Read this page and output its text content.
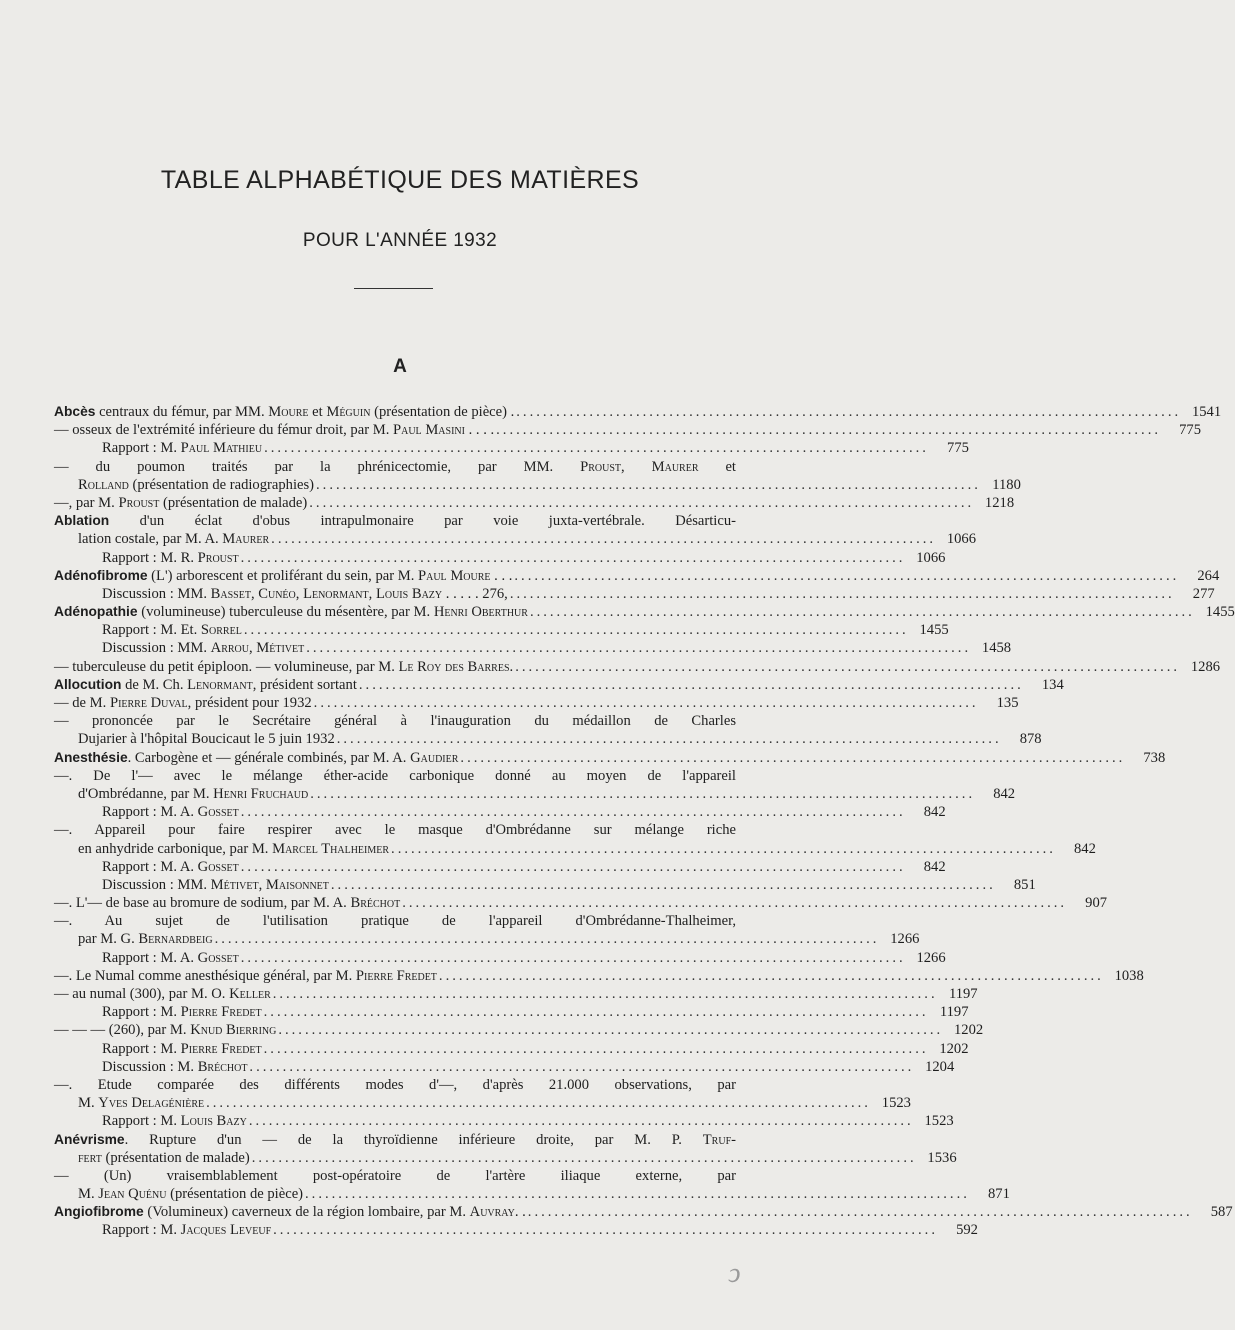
TABLE ALPHABÉTIQUE DES MATIÈRES
POUR L'ANNÉE 1932
A
Abcès centraux du fémur, par MM. Moure et Méguin (présentation de pièce) . .................................................................................................... 1541
— osseux de l'extrémité inférieure du fémur droit, par M. Paul Masini . . . . ....................................................................................................	775
Rapport : M. Paul Mathieu ....................................................................................................	775
— du poumon traités par la phrénicectomie, par MM. Proust, Maurer et
Rolland (présentation de radiographies) .................................................................................................... 1180
—, par M. Proust (présentation de malade) .................................................................................................... 1218
Ablation d'un éclat d'obus intrapulmonaire par voie juxta-vertébrale. Désarticu-
lation costale, par M. A. Maurer .................................................................................................... 1066
Rapport : M. R. Proust .................................................................................................... 1066
Adénofibrome (L') arborescent et proliférant du sein, par M. Paul Moure . . . ....................................................................................................	264
Discussion : MM. Basset, Cunéo, Lenormant, Louis Bazy . . . . . 276, ....................................................................................................	277
Adénopathie (volumineuse) tuberculeuse du mésentère, par M. Henri Oberthur .................................................................................................... 1455
Rapport : M. Et. Sorrel .................................................................................................... 1455
Discussion : MM. Arrou, Métivet .................................................................................................... 1458
— tuberculeuse du petit épiploon. — volumineuse, par M. Le Roy des Barres. .................................................................................................... 1286
Allocution de M. Ch. Lenormant, président sortant ....................................................................................................	134
— de M. Pierre Duval, président pour 1932 ....................................................................................................	135
— prononcée par le Secrétaire général à l'inauguration du médaillon de Charles
Dujarier à l'hôpital Boucicaut le 5 juin 1932 ....................................................................................................	878
Anesthésie. Carbogène et — générale combinés, par M. A. Gaudier ....................................................................................................	738
—. De l'— avec le mélange éther-acide carbonique donné au moyen de l'appareil
d'Ombrédanne, par M. Henri Fruchaud ....................................................................................................	842
Rapport : M. A. Gosset ....................................................................................................	842
—. Appareil pour faire respirer avec le masque d'Ombrédanne sur mélange riche
en anhydride carbonique, par M. Marcel Thalheimer ....................................................................................................	842
Rapport : M. A. Gosset ....................................................................................................	842
Discussion : MM. Métivet, Maisonnet ....................................................................................................	851
—. L'— de base au bromure de sodium, par M. A. Bréchot ....................................................................................................	907
—. Au sujet de l'utilisation pratique de l'appareil d'Ombrédanne-Thalheimer,
par M. G. Bernardbeig .................................................................................................... 1266
Rapport : M. A. Gosset .................................................................................................... 1266
—. Le Numal comme anesthésique général, par M. Pierre Fredet .................................................................................................... 1038
— au numal (300), par M. O. Keller .................................................................................................... 1197
Rapport : M. Pierre Fredet .................................................................................................... 1197
— — — (260), par M. Knud Bierring .................................................................................................... 1202
Rapport : M. Pierre Fredet .................................................................................................... 1202
Discussion : M. Bréchot .................................................................................................... 1204
—. Etude comparée des différents modes d'—, d'après 21.000 observations, par
M. Yves Delagénière .................................................................................................... 1523
Rapport : M. Louis Bazy .................................................................................................... 1523
Anévrisme. Rupture d'un — de la thyroïdienne inférieure droite, par M. P. Truf-
fert (présentation de malade) .................................................................................................... 1536
— (Un) vraisemblablement post-opératoire de l'artère iliaque externe, par
M. Jean Quénu (présentation de pièce) ....................................................................................................	871
Angiofibrome (Volumineux) caverneux de la région lombaire, par M. Auvray. . ....................................................................................................	587
Rapport : M. Jacques Leveuf ....................................................................................................	592
ↄ
